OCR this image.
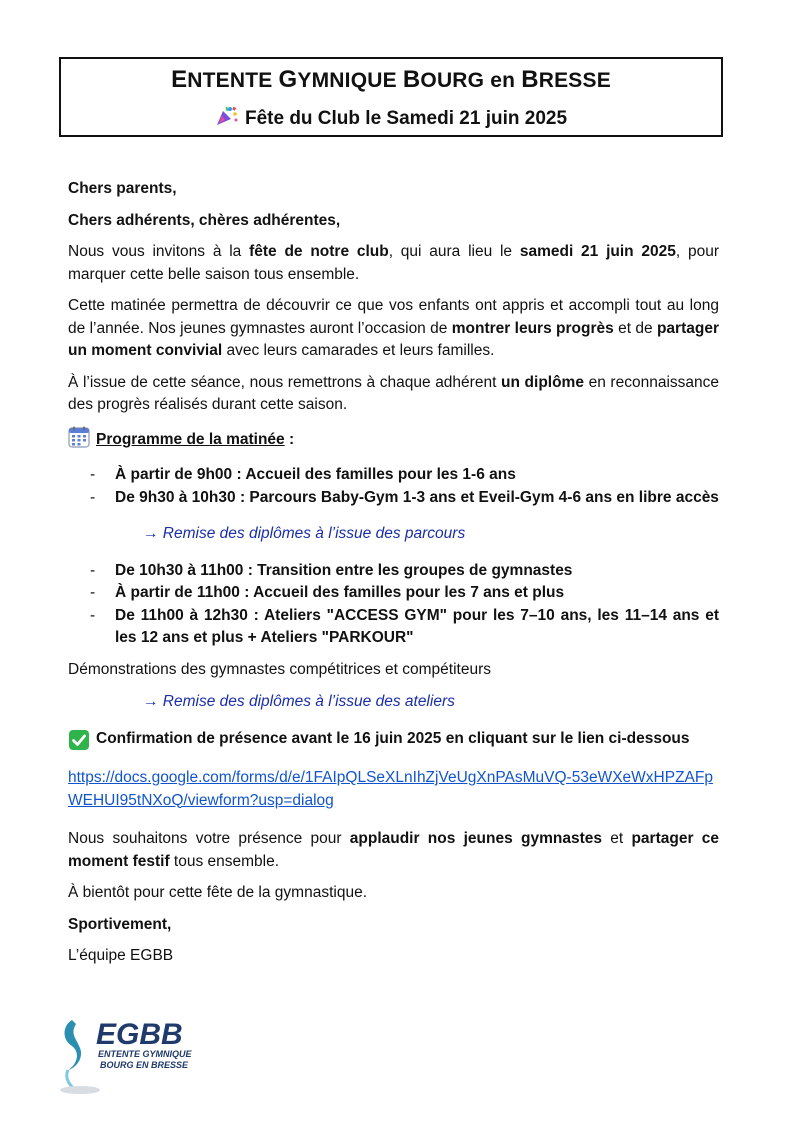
ENTENTE GYMNIQUE BOURG en BRESSE
Fête du Club le Samedi 21 juin 2025

Chers parents,

Chers adhérents, chères adhérentes,

Nous vous invitons à la fête de notre club, qui aura lieu le samedi 21 juin 2025, pour marquer cette belle saison tous ensemble.

Cette matinée permettra de découvrir ce que vos enfants ont appris et accompli tout au long de l’année. Nos jeunes gymnastes auront l’occasion de montrer leurs progrès et de partager un moment convivial avec leurs camarades et leurs familles.

À l’issue de cette séance, nous remettrons à chaque adhérent un diplôme en reconnaissance des progrès réalisés durant cette saison.

Programme de la matinée :
- À partir de 9h00 : Accueil des familles pour les 1-6 ans
- De 9h30 à 10h30 : Parcours Baby-Gym 1-3 ans et Eveil-Gym 4-6 ans en libre accès
→ Remise des diplômes à l’issue des parcours
- De 10h30 à 11h00 : Transition entre les groupes de gymnastes
- À partir de 11h00 : Accueil des familles pour les 7 ans et plus
- De 11h00 à 12h30 : Ateliers "ACCESS GYM" pour les 7–10 ans, les 11–14 ans et les 12 ans et plus + Ateliers "PARKOUR"

Démonstrations des gymnastes compétitrices et compétiteurs

→ Remise des diplômes à l’issue des ateliers
Confirmation de présence avant le 16 juin 2025 en cliquant sur le lien ci-dessous

https://docs.google.com/forms/d/e/1FAIpQLSeXLnIhZjVeUgXnPAsMuVQ-53eWXeWxHPZAFpWEHUI95tNXoQ/viewform?usp=dialog

Nous souhaitons votre présence pour applaudir nos jeunes gymnastes et partager ce moment festif tous ensemble.

À bientôt pour cette fête de la gymnastique.

Sportivement,

L’équipe EGBB

EGBB
ENTENTE GYMNIQUE
BOURG EN BRESSE
